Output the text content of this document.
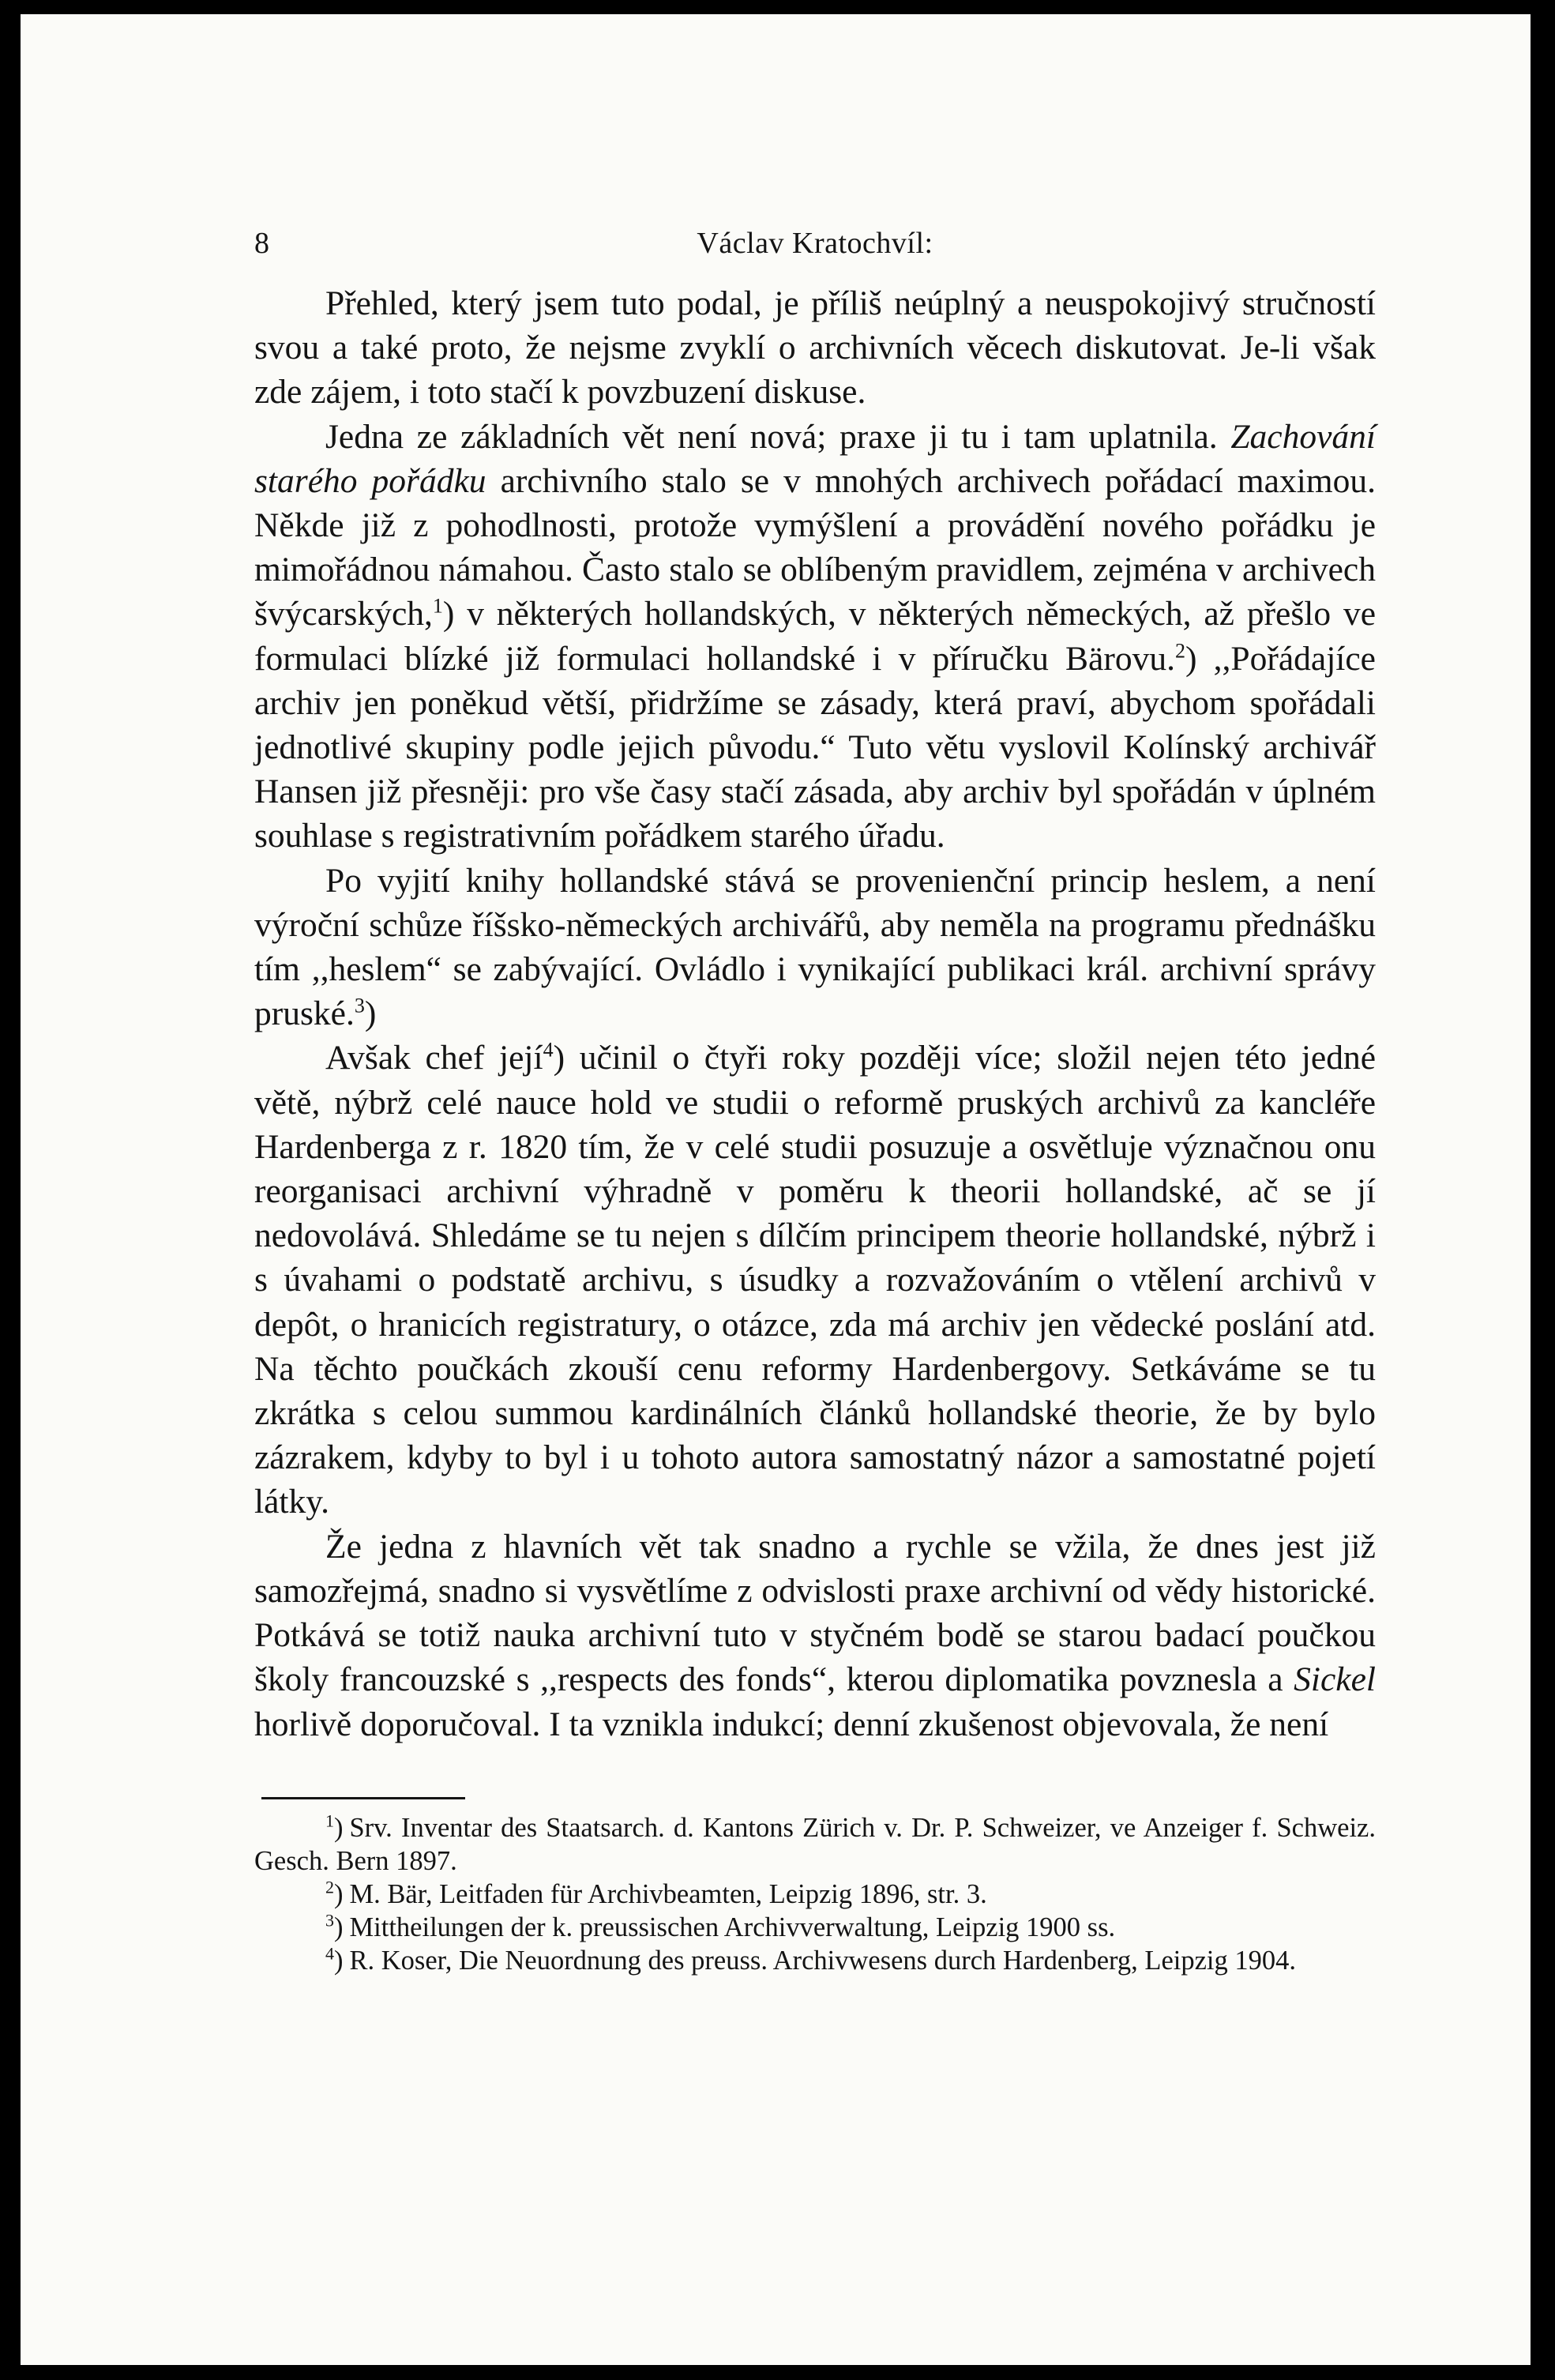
8	Václav Kratochvíl:

Přehled, který jsem tuto podal, je příliš neúplný a neuspokojivý stručností svou a také proto, že nejsme zvyklí o archivních věcech diskutovat. Je-li však zde zájem, i toto stačí k povzbuzení diskuse.

Jedna ze základních vět není nová; praxe ji tu i tam uplatnila. Zachování starého pořádku archivního stalo se v mnohých archivech pořádací maximou. Někde již z pohodlnosti, protože vymýšlení a provádění nového pořádku je mimořádnou námahou. Často stalo se oblíbeným pravidlem, zejména v archivech švýcarských,$^1$) v některých hollandských, v některých německých, až přešlo ve formulaci blízké již formulaci hollandské i v příručku Bärovu.$^2$) ,,Pořádajíce archiv jen poněkud větší, přidržíme se zásady, která praví, abychom spořádali jednotlivé skupiny podle jejich původu.“ Tuto větu vyslovil Kolínský archivář Hansen již přesněji: pro vše časy stačí zásada, aby archiv byl spořádán v úplném souhlase s registrativním pořádkem starého úřadu.

Po vyjití knihy hollandské stává se provenienční princip heslem, a není výroční schůze říšsko-německých archivářů, aby neměla na programu přednášku tím ,,heslem“ se zabývající. Ovládlo i vynikající publikaci král. archivní správy pruské.$^3$)

Avšak chef její$^4$) učinil o čtyři roky později více; složil nejen této jedné větě, nýbrž celé nauce hold ve studii o reformě pruských archivů za kancléře Hardenberga z r. 1820 tím, že v celé studii posuzuje a osvětluje význačnou onu reorganisaci archivní výhradně v poměru k theorii hollandské, ač se jí nedovolává. Shledáme se tu nejen s dílčím principem theorie hollandské, nýbrž i s úvahami o podstatě archivu, s úsudky a rozvažováním o vtělení archivů v depôt, o hranicích registratury, o otázce, zda má archiv jen vědecké poslání atd. Na těchto poučkách zkouší cenu reformy Hardenbergovy. Setkáváme se tu zkrátka s celou summou kardinálních článků hollandské theorie, že by bylo zázrakem, kdyby to byl i u tohoto autora samostatný názor a samostatné pojetí látky.

Že jedna z hlavních vět tak snadno a rychle se vžila, že dnes jest již samozřejmá, snadno si vysvětlíme z odvislosti praxe archivní od vědy historické. Potkává se totiž nauka archivní tuto v styčném bodě se starou badací poučkou školy francouzské s ,,respects des fonds“, kterou diplomatika povznesla a Sickel horlivě doporučoval. I ta vznikla indukcí; denní zkušenost objevovala, že není

$^1$) Srv. Inventar des Staatsarch. d. Kantons Zürich v. Dr. P. Schweizer, ve Anzeiger f. Schweiz. Gesch. Bern 1897.

$^2$) M. Bär, Leitfaden für Archivbeamten, Leipzig 1896, str. 3.

$^3$) Mittheilungen der k. preussischen Archivverwaltung, Leipzig 1900 ss.

$^4$) R. Koser, Die Neuordnung des preuss. Archivwesens durch Hardenberg, Leipzig 1904.
